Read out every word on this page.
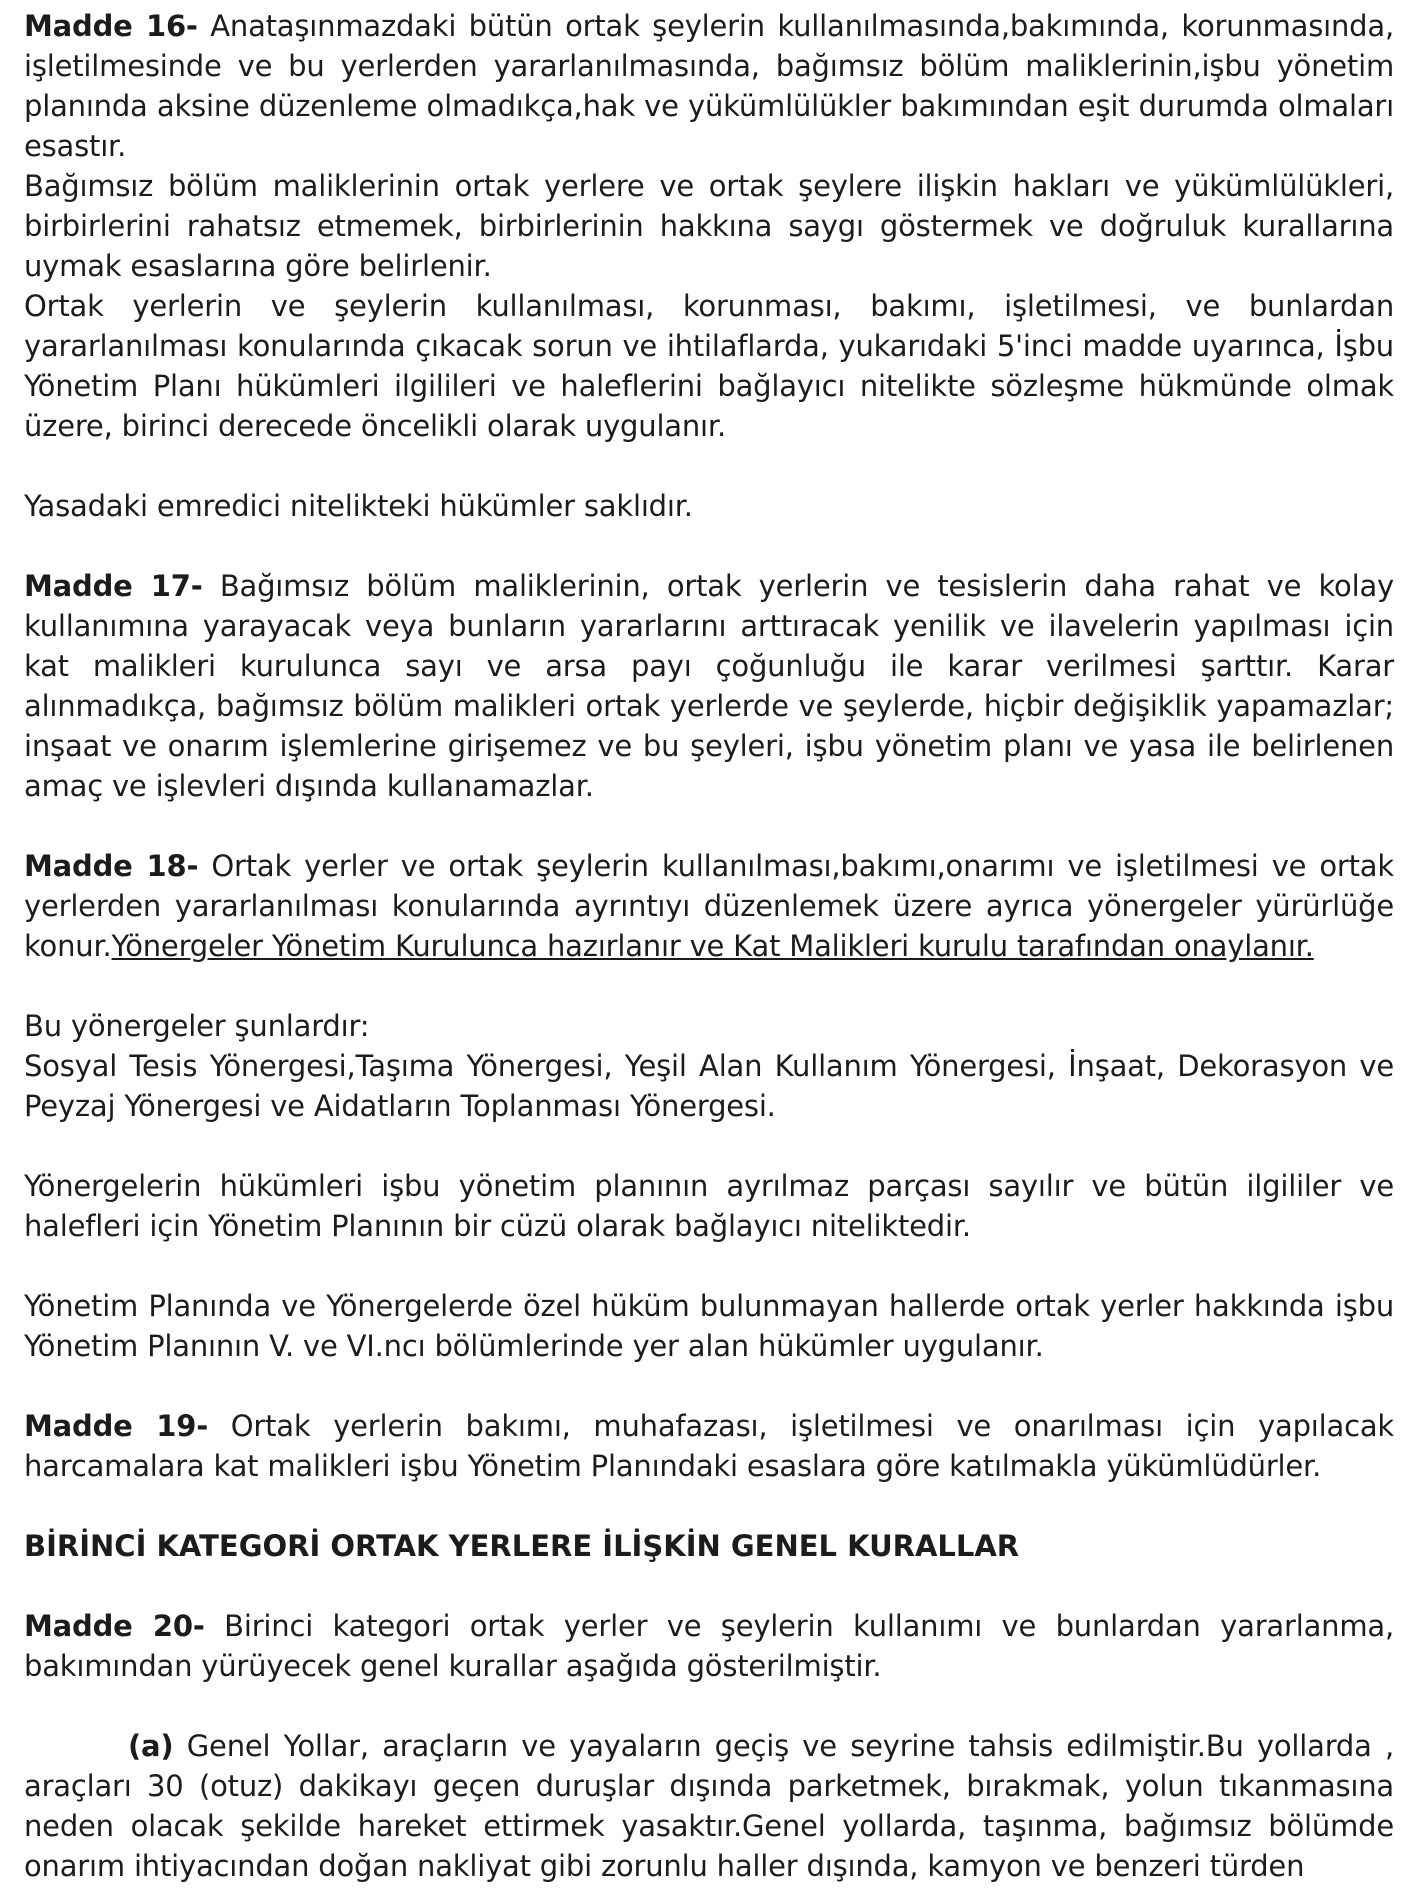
Madde 16- Anataşınmazdaki bütün ortak şeylerin kullanılmasında,bakımında, korunmasında, işletilmesinde ve bu yerlerden yararlanılmasında, bağımsız bölüm maliklerinin,işbu yönetim planında aksine düzenleme olmadıkça,hak ve yükümlülükler bakımından eşit durumda olmaları esastır.

Bağımsız bölüm maliklerinin ortak yerlere ve ortak şeylere ilişkin hakları ve yükümlülükleri, birbirlerini rahatsız etmemek, birbirlerinin hakkına saygı göstermek ve doğruluk kurallarına uymak esaslarına göre belirlenir.

Ortak yerlerin ve şeylerin kullanılması, korunması, bakımı, işletilmesi, ve bunlardan yararlanılması konularında çıkacak sorun ve ihtilaflarda, yukarıdaki 5'inci madde uyarınca, İşbu Yönetim Planı hükümleri ilgilileri ve haleflerini bağlayıcı nitelikte sözleşme hükmünde olmak üzere, birinci derecede öncelikli olarak uygulanır.

Yasadaki emredici nitelikteki hükümler saklıdır.

Madde 17- Bağımsız bölüm maliklerinin, ortak yerlerin ve tesislerin daha rahat ve kolay kullanımına yarayacak veya bunların yararlarını arttıracak yenilik ve ilavelerin yapılması için kat malikleri kurulunca sayı ve arsa payı çoğunluğu ile karar verilmesi şarttır. Karar alınmadıkça, bağımsız bölüm malikleri ortak yerlerde ve şeylerde, hiçbir değişiklik yapamazlar; inşaat ve onarım işlemlerine girişemez ve bu şeyleri, işbu yönetim planı ve yasa ile belirlenen amaç ve işlevleri dışında kullanamazlar.

Madde 18- Ortak yerler ve ortak şeylerin kullanılması,bakımı,onarımı ve işletilmesi ve ortak yerlerden yararlanılması konularında ayrıntıyı düzenlemek üzere ayrıca yönergeler yürürlüğe konur.Yönergeler Yönetim Kurulunca hazırlanır ve Kat Malikleri kurulu tarafından onaylanır.

Bu yönergeler şunlardır:

Sosyal Tesis Yönergesi,Taşıma Yönergesi, Yeşil Alan Kullanım Yönergesi, İnşaat, Dekorasyon ve Peyzaj Yönergesi ve Aidatların Toplanması Yönergesi.

Yönergelerin hükümleri işbu yönetim planının ayrılmaz parçası sayılır ve bütün ilgililer ve halefleri için Yönetim Planının bir cüzü olarak bağlayıcı niteliktedir.

Yönetim Planında ve Yönergelerde özel hüküm bulunmayan hallerde ortak yerler hakkında işbu Yönetim Planının V. ve VI.ncı bölümlerinde yer alan hükümler uygulanır.

Madde 19- Ortak yerlerin bakımı, muhafazası, işletilmesi ve onarılması için yapılacak harcamalara kat malikleri işbu Yönetim Planındaki esaslara göre katılmakla yükümlüdürler.

BİRİNCİ KATEGORİ ORTAK YERLERE İLİŞKİN GENEL KURALLAR

Madde 20- Birinci kategori ortak yerler ve şeylerin kullanımı ve bunlardan yararlanma, bakımından yürüyecek genel kurallar aşağıda gösterilmiştir.

(a) Genel Yollar, araçların ve yayaların geçiş ve seyrine tahsis edilmiştir.Bu yollarda , araçları 30 (otuz) dakikayı geçen duruşlar dışında parketmek, bırakmak, yolun tıkanmasına neden olacak şekilde hareket ettirmek yasaktır.Genel yollarda, taşınma, bağımsız bölümde onarım ihtiyacından doğan nakliyat gibi zorunlu haller dışında, kamyon ve benzeri türden
